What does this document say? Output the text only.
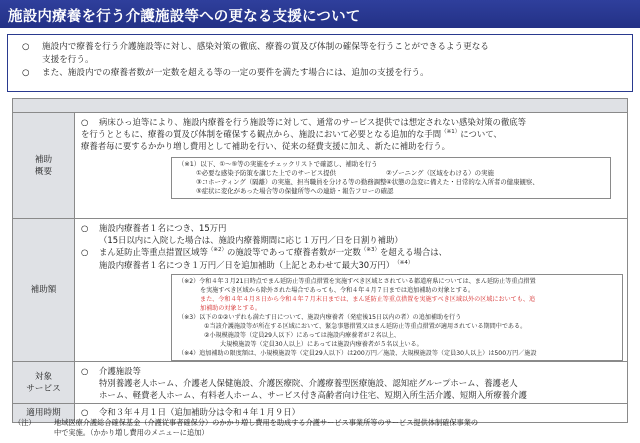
施設内療養を行う介護施設等への更なる支援について
○	施設内で療養を行う介護施設等に対し、感染対策の徹底、療養の質及び体制の確保等を行うことができるよう更なる
支援を行う。
○	また、施設内での療養者数が一定数を超える等の一定の要件を満たす場合には、追加の支援を行う。
補助
概要
○	病床ひっ迫等により、施設内療養を行う施設等に対して、通常のサービス提供では想定されない感染対策の徹底等
を行うとともに、療養の質及び体制を確保する観点から、施設において必要となる追加的な手間$^{(※1)}$ について、
療養者毎に要するかかり増し費用として補助を行い、従来の経費支援に加え、新たに補助を行う。
（※1）以下、①～⑤等の実施をチェックリストで確認し、補助を行う
①必要な感染予防策を講じた上でのサービス提供	②ゾーニング（区域をわける）の実施
③コホーティング（隔離）の実施、担当職員を分ける等の勤務調整 ④状態の急変に備えた・日常的な入所者の健康観察、
⑤症状に変化があった場合等の保健所等への連絡・報告フローの確認
補助額
○	施設内療養者１名につき、15万円
（15日以内に入院した場合は、施設内療養期間に応じ１万円／日を日割り補助）
○	まん延防止等重点措置区域等$^{(※2)}$ の施設等であって療養者数が一定数$^{(※3)}$ を超える場合は、
施設内療養者１名につき１万円／日を追加補助（上記とあわせて最大30万円）$^{(※4)}$
（※2）令和４年３月21日時点でまん延防止等重点措置を実施すべき区域とされている都道府県については、まん延防止等重点措置
を実施すべき区域から除外された場合であっても、令和４年４月７日までは追加補助の対象とする。
また、令和４年４月８日から令和４年７月末日までは、まん延防止等重点措置を実施すべき区域以外の区域においても、追
加補助の対象とする。
（※3）以下の①②いずれも満たす日について、施設内療養者（発症後15日以内の者）の追加補助を行う
①当該介護施設等が所在する区域において、緊急事態措置又はまん延防止等重点措置が適用されている期間中である。
②小規模施設等（定員29人以下）にあっては施設内療養者が２名以上、
大規模施設等（定員30人以上）にあっては施設内療養者が５名以上いる。
（※4）追加補助の限度額は、小規模施設等（定員29人以下）は200万円／施設、大規模施設等（定員30人以上）は500万円／施設
対象
サービス
○	介護施設等
特別養護老人ホーム、介護老人保健施設、介護医療院、介護療養型医療施設、認知症グループホーム、養護老人
ホーム、軽費老人ホーム、有料老人ホーム、サービス付き高齢者向け住宅、短期入所生活介護、短期入所療養介護
適用時期	○	令和３年４月１日（追加補助分は令和４年１月９日）
（注）	地域医療介護総合確保基金（介護従事者確保分）のかかり増し費用を助成する介護サービス事業所等のサービス提供体制確保事業の
中で実施。（かかり増し費用のメニューに追加）
